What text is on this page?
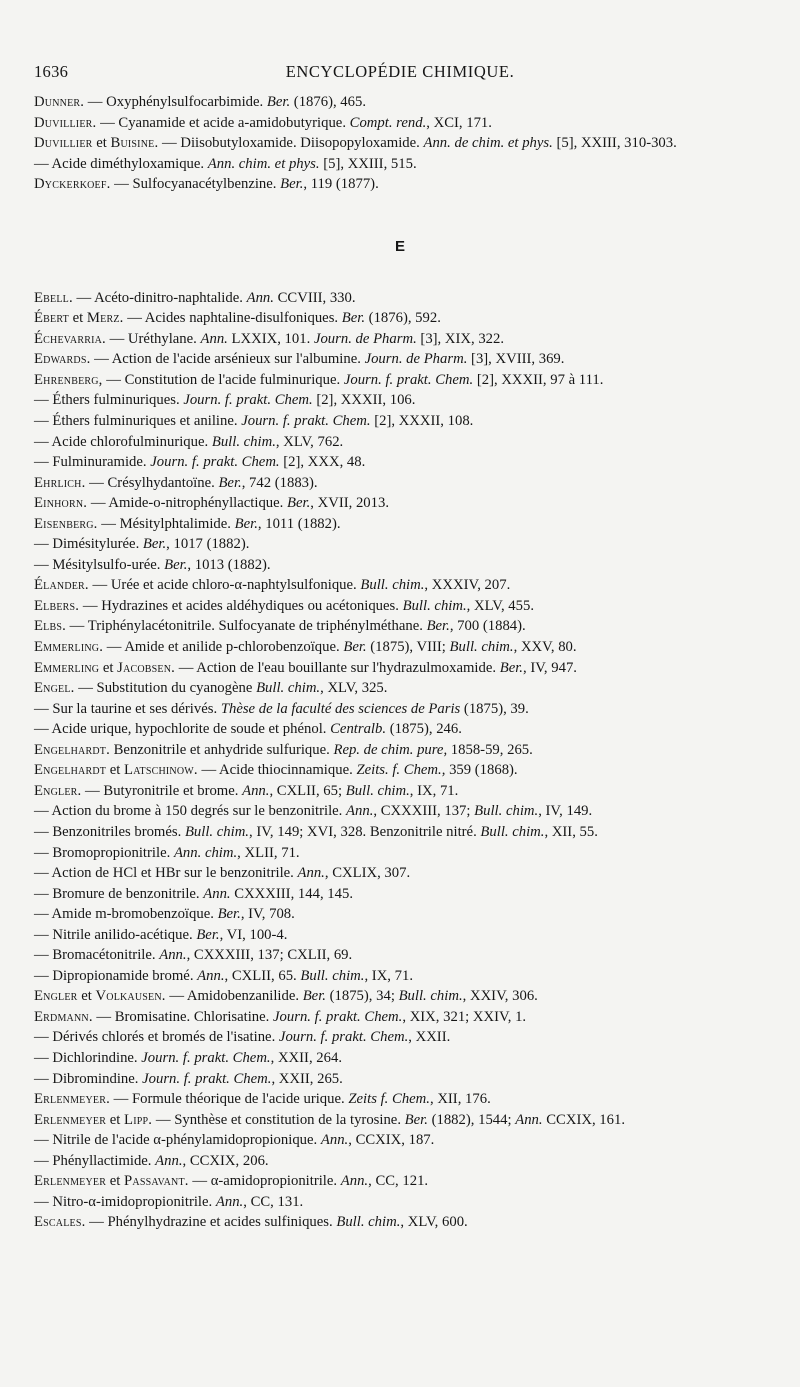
1636	ENCYCLOPÉDIE CHIMIQUE.
Dunner. — Oxyphénylsulfocarbimide. Ber. (1876), 465.
Duvillier. — Cyanamide et acide a-amidobutyrique. Compt. rend., XCI, 171.
Duvillier et Buisine. — Diisobutyloxamide. Diisopopyloxamide. Ann. de chim. et phys. [5], XXIII, 310-303.
— Acide diméthyloxamique. Ann. chim. et phys. [5], XXIII, 515.
Dyckerkoef. — Sulfocyanacétylbenzine. Ber., 119 (1877).
E
Ebell. — Acéto-dinitro-naphtalide. Ann. CCVIII, 330.
Ébert et Merz. — Acides naphtaline-disulfoniques. Ber. (1876), 592.
Échevarria. — Uréthylane. Ann. LXXIX, 101. Journ. de Pharm. [3], XIX, 322.
Edwards. — Action de l'acide arsénieux sur l'albumine. Journ. de Pharm. [3], XVIII, 369.
Ehrenberg, — Constitution de l'acide fulminurique. Journ. f. prakt. Chem. [2], XXXII, 97 à 111.
— Éthers fulminuriques. Journ. f. prakt. Chem. [2], XXXII, 106.
— Éthers fulminuriques et aniline. Journ. f. prakt. Chem. [2], XXXII, 108.
— Acide chlorofulminurique. Bull. chim., XLV, 762.
— Fulminuramide. Journ. f. prakt. Chem. [2], XXX, 48.
Ehrlich. — Crésylhydantoïne. Ber., 742 (1883).
Einhorn. — Amide-o-nitrophényllactique. Ber., XVII, 2013.
Eisenberg. — Mésitylphtalimide. Ber., 1011 (1882).
— Dimésitylurée. Ber., 1017 (1882).
— Mésitylsulfo-urée. Ber., 1013 (1882).
Élander. — Urée et acide chloro-α-naphtylsulfonique. Bull. chim., XXXIV, 207.
Elbers. — Hydrazines et acides aldéhydiques ou acétoniques. Bull. chim., XLV, 455.
Elbs. — Triphénylacétonitrile. Sulfocyanate de triphénylméthane. Ber., 700 (1884).
Emmerling. — Amide et anilide p-chlorobenzoïque. Ber. (1875), VIII; Bull. chim., XXV, 80.
Emmerling et Jacobsen. — Action de l'eau bouillante sur l'hydrazulmoxamide. Ber., IV, 947.
Engel. — Substitution du cyanogène Bull. chim., XLV, 325.
— Sur la taurine et ses dérivés. Thèse de la faculté des sciences de Paris (1875), 39.
— Acide urique, hypochlorite de soude et phénol. Centralb. (1875), 246.
Engelhardt. Benzonitrile et anhydride sulfurique. Rep. de chim. pure, 1858-59, 265.
Engelhardt et Latschinow. — Acide thiocinnamique. Zeits. f. Chem., 359 (1868).
Engler. — Butyronitrile et brome. Ann., CXLII, 65; Bull. chim., IX, 71.
— Action du brome à 150 degrés sur le benzonitrile. Ann., CXXXIII, 137; Bull. chim., IV, 149.
— Benzonitriles bromés. Bull. chim., IV, 149; XVI, 328. Benzonitrile nitré. Bull. chim., XII, 55.
— Bromopropionitrile. Ann. chim., XLII, 71.
— Action de HCl et HBr sur le benzonitrile. Ann., CXLIX, 307.
— Bromure de benzonitrile. Ann. CXXXIII, 144, 145.
— Amide m-bromobenzoïque. Ber., IV, 708.
— Nitrile anilido-acétique. Ber., VI, 100-4.
— Bromacétonitrile. Ann., CXXXIII, 137; CXLII, 69.
— Dipropionamide bromé. Ann., CXLII, 65. Bull. chim., IX, 71.
Engler et Volkausen. — Amidobenzanilide. Ber. (1875), 34; Bull. chim., XXIV, 306.
Erdmann. — Bromisatine. Chlorisatine. Journ. f. prakt. Chem., XIX, 321; XXIV, 1.
— Dérivés chlorés et bromés de l'isatine. Journ. f. prakt. Chem., XXII.
— Dichlorindine. Journ. f. prakt. Chem., XXII, 264.
— Dibromindine. Journ. f. prakt. Chem., XXII, 265.
Erlenmeyer. — Formule théorique de l'acide urique. Zeits f. Chem., XII, 176.
Erlenmeyer et Lipp. — Synthèse et constitution de la tyrosine. Ber. (1882), 1544; Ann. CCXIX, 161.
— Nitrile de l'acide α-phénylamidopropionique. Ann., CCXIX, 187.
— Phényllactimide. Ann., CCXIX, 206.
Erlenmeyer et Passavant. — α-amidopropionitrile. Ann., CC, 121.
— Nitro-α-imidopropionitrile. Ann., CC, 131.
Escales. — Phénylhydrazine et acides sulfiniques. Bull. chim., XLV, 600.
